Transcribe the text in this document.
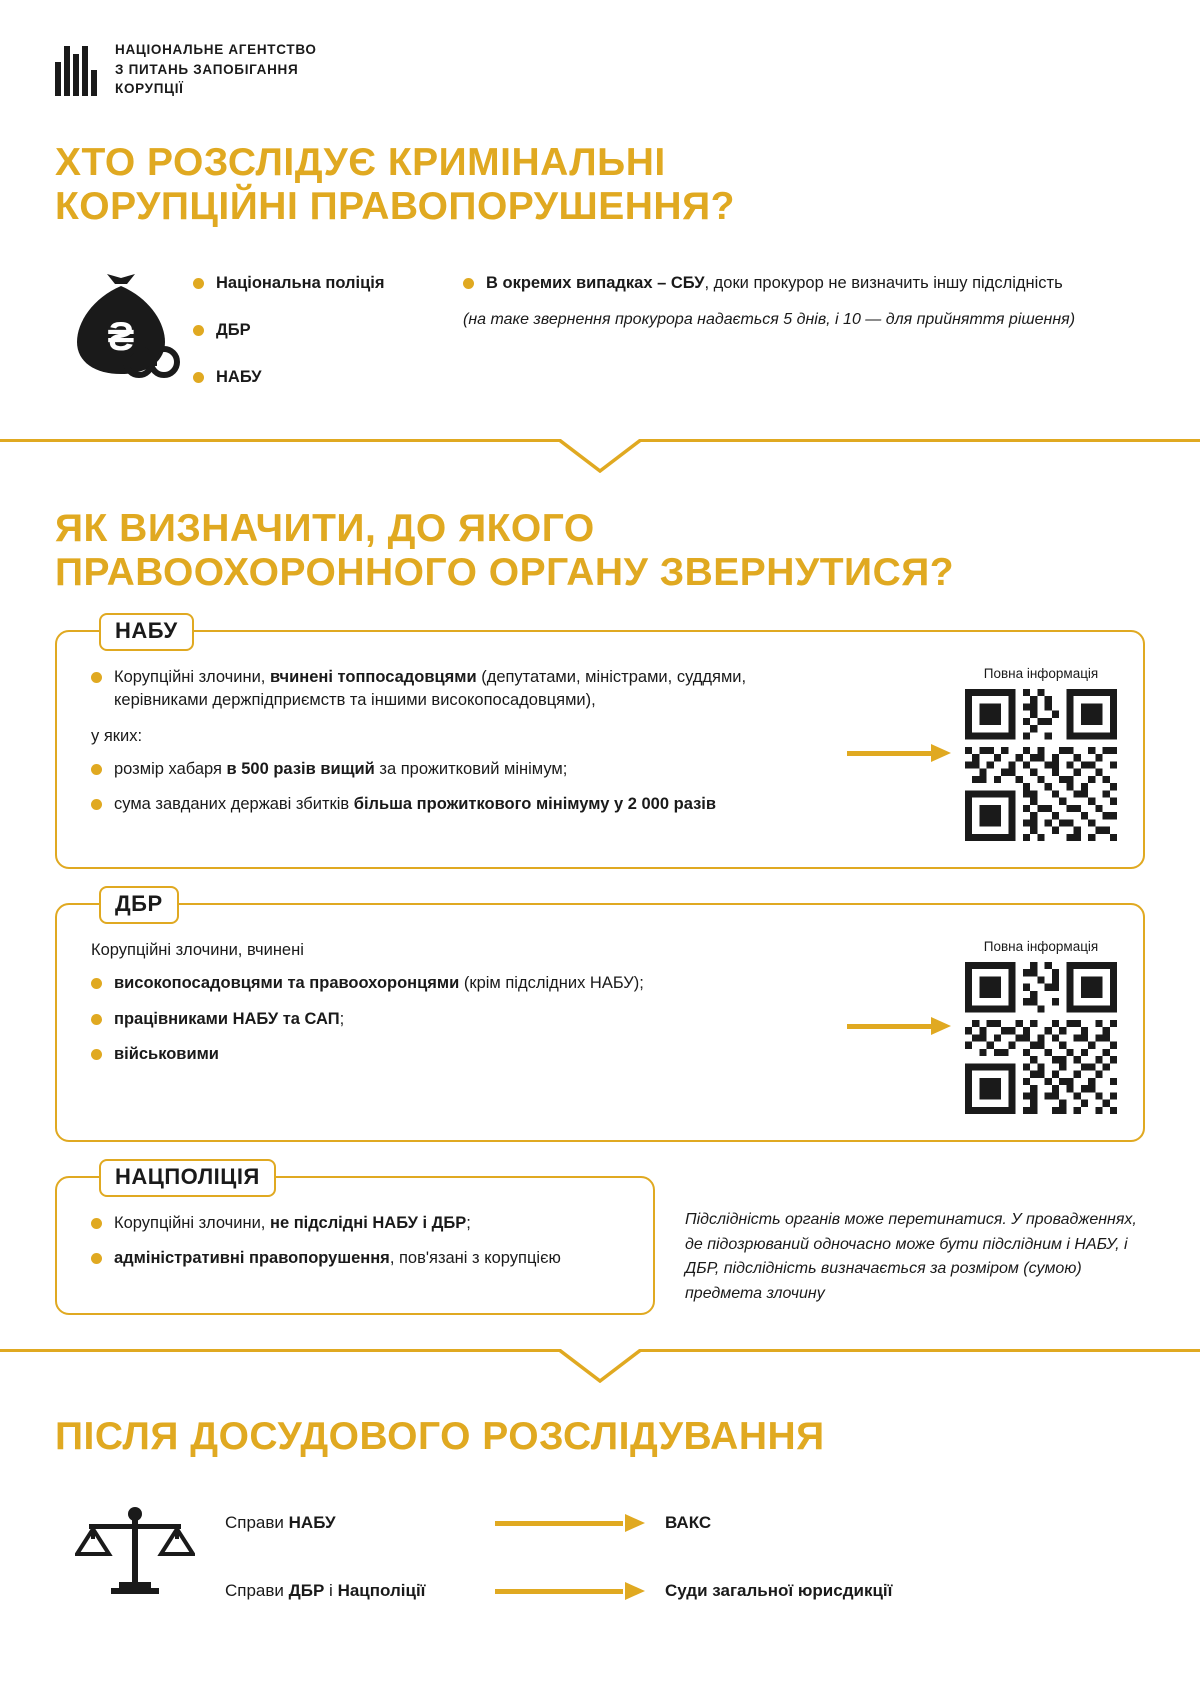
НАЦІОНАЛЬНЕ АГЕНТСТВО
З ПИТАНЬ ЗАПОБІГАННЯ
КОРУПЦІЇ
ХТО РОЗСЛІДУЄ КРИМІНАЛЬНІ
КОРУПЦІЙНІ ПРАВОПОРУШЕННЯ?
₴
Національна поліція
ДБР
НАБУ
В окремих випадках – СБУ, доки прокурор не визначить іншу підслідність
(на таке звернення прокурора надається 5 днів, і 10 — для прийняття рішення)
ЯК ВИЗНАЧИТИ, ДО ЯКОГО
ПРАВООХОРОННОГО ОРГАНУ ЗВЕРНУТИСЯ?
НАБУ
Корупційні злочини, вчинені топпосадовцями (депутатами, міністрами, суддями, керівниками держпідприємств та іншими високопосадовцями),

у яких:

розмір хабаря в 500 разів вищий за прожитковий мінімум;
сума завданих державі збитків більша прожиткового мінімуму у 2 000 разів
Повна інформація
ДБР

Корупційні злочини, вчинені

високопосадовцями та правоохоронцями (крім підслідних НАБУ);
працівниками НАБУ та САП;
військовими
Повна інформація
НАЦПОЛІЦІЯ
Корупційні злочини, не підслідні НАБУ і ДБР;
адміністративні правопорушення, пов'язані з корупцією
Підслідність органів може перетинатися. У провадженнях, де підозрюваний одночасно може бути підслідним і НАБУ, і ДБР, підслідність визначається за розміром (сумою) предмета злочину
ПІСЛЯ ДОСУДОВОГО РОЗСЛІДУВАННЯ
Справи НАБУ	ВАКС
Справи ДБР і Нацполіції	Суди загальної юрисдикції
